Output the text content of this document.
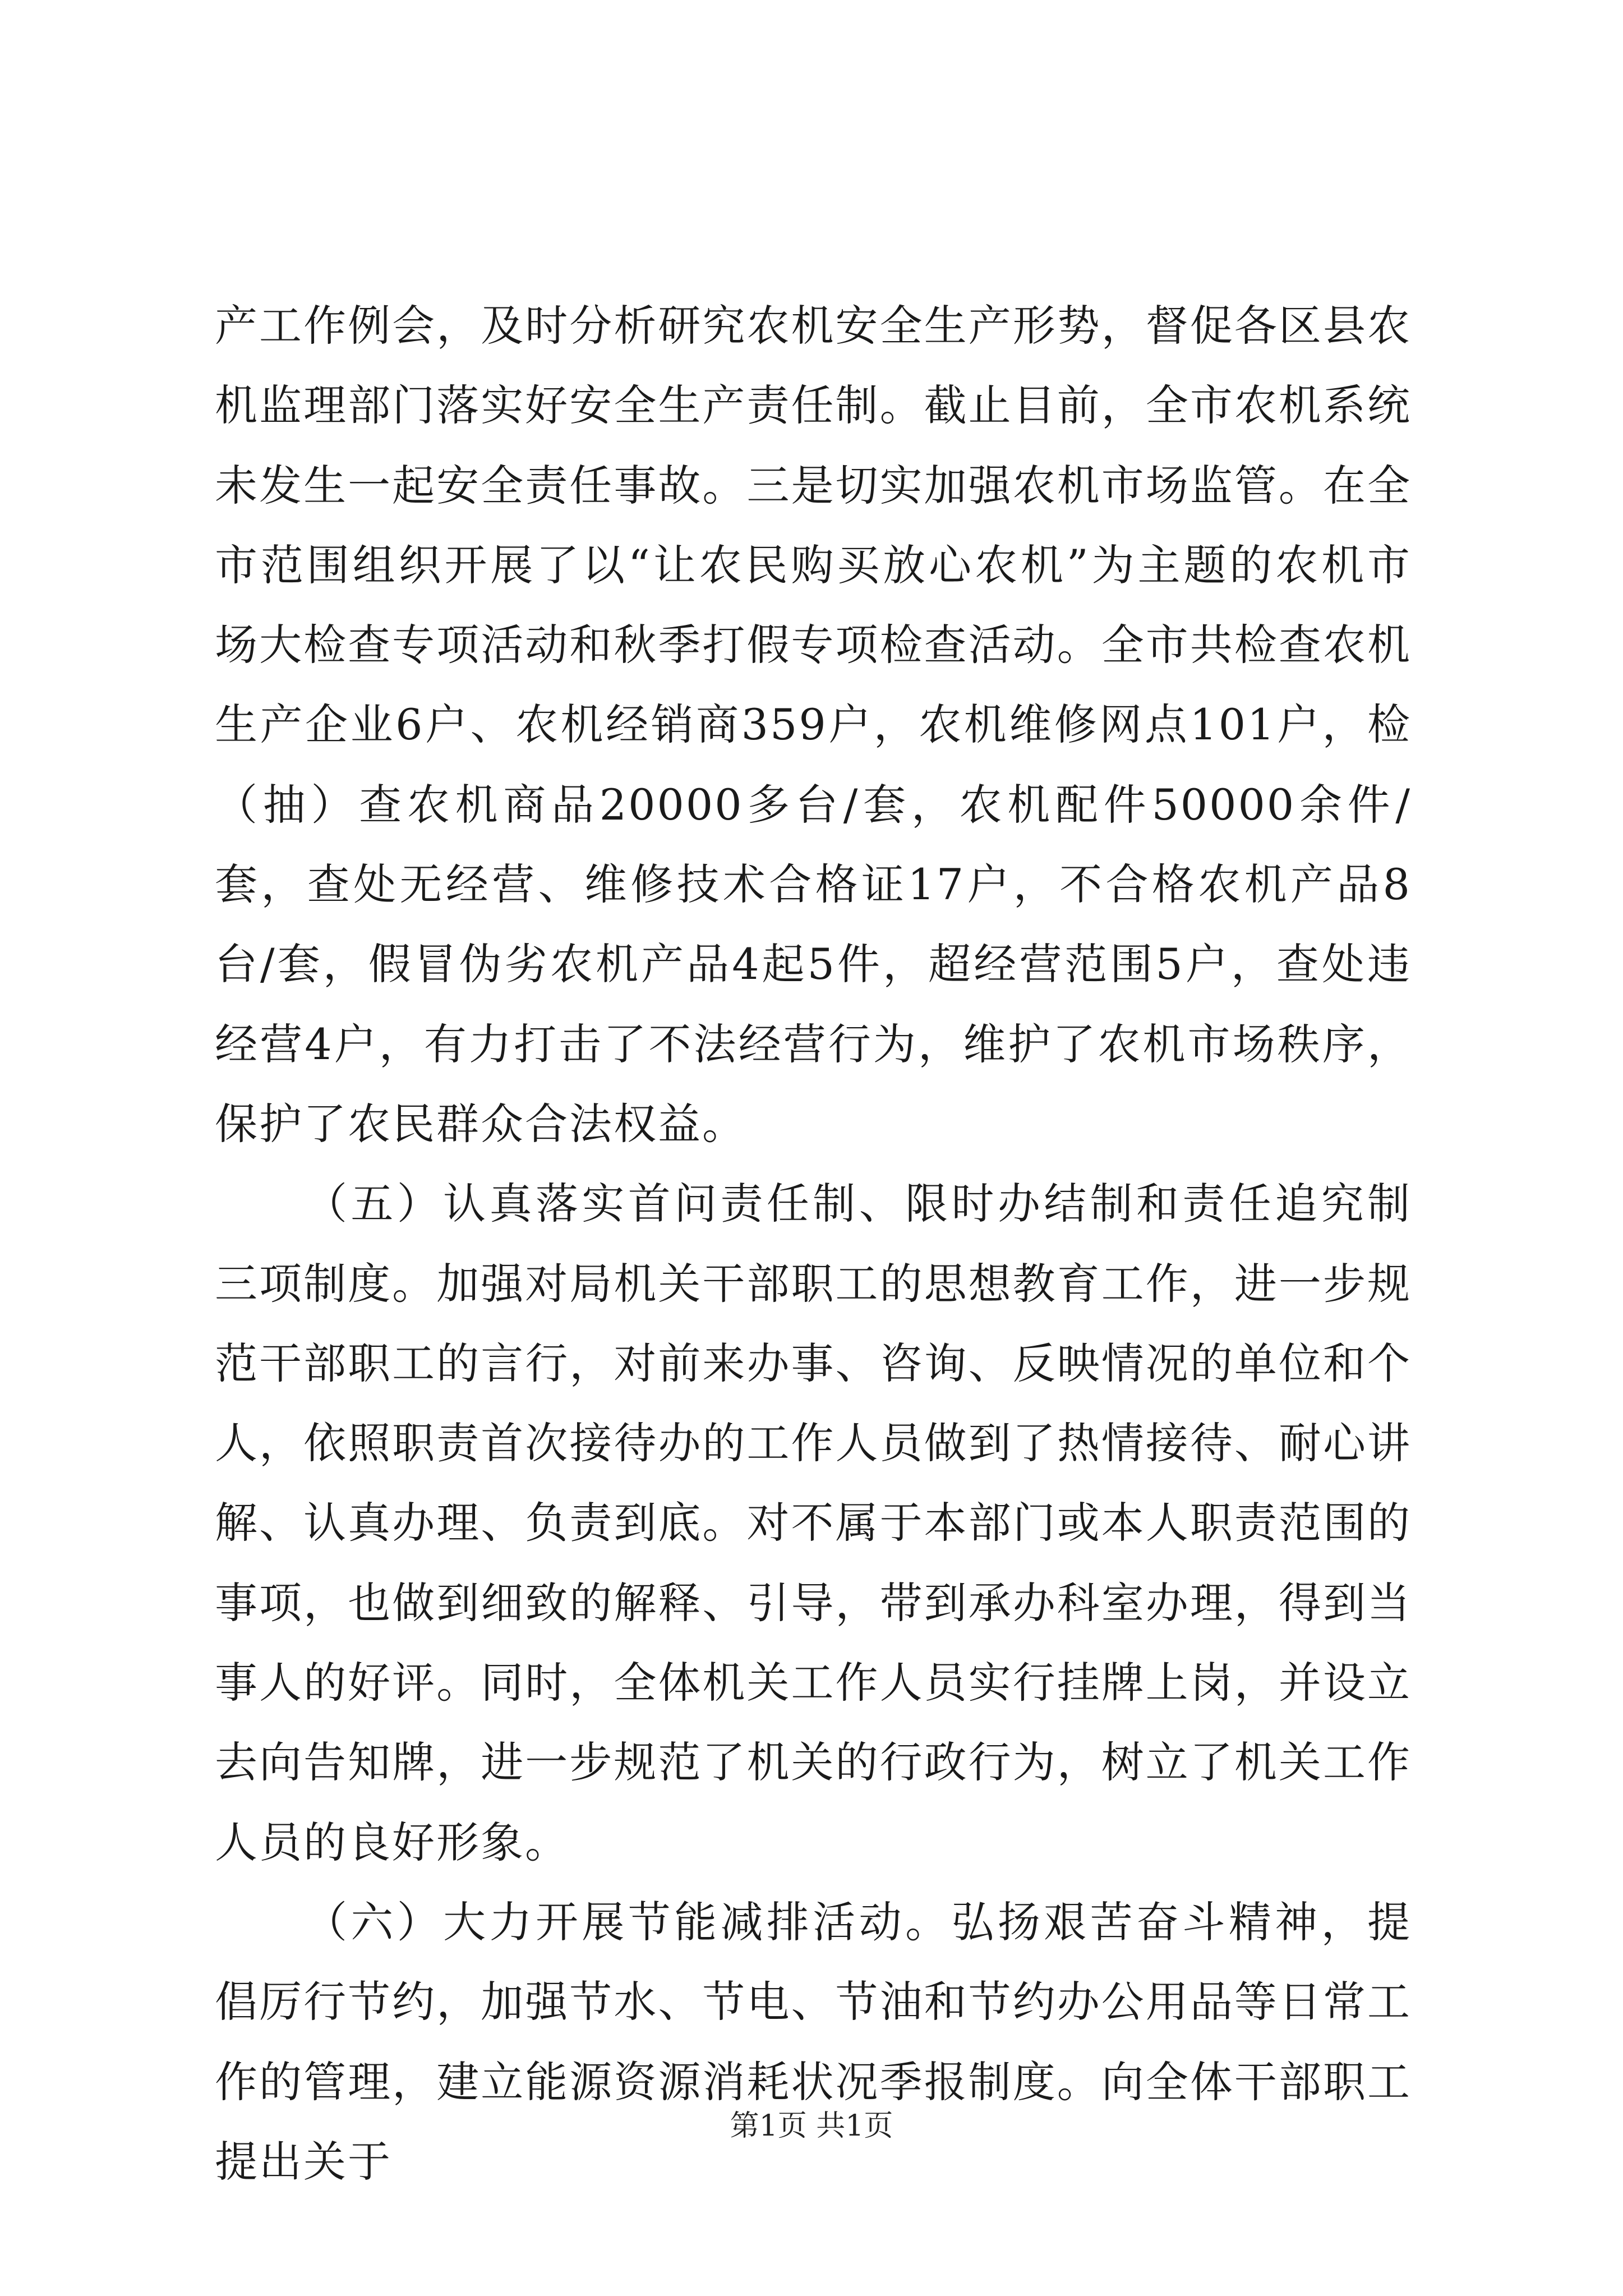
产工作例会，及时分析研究农机安全生产形势，督促各区县农机监理部门落实好安全生产责任制。截止目前，全市农机系统未发生一起安全责任事故。三是切实加强农机市场监管。在全市范围组织开展了以“让农民购买放心农机”为主题的农机市场大检查专项活动和秋季打假专项检查活动。全市共检查农机生产企业6户、农机经销商359户，农机维修网点101户，检（抽）查农机商品20000多台/套，农机配件50000余件/套，查处无经营、维修技术合格证17户，不合格农机产品8台/套，假冒伪劣农机产品4起5件，超经营范围5户，查处违经营4户，有力打击了不法经营行为，维护了农机市场秩序，保护了农民群众合法权益。

（五）认真落实首问责任制、限时办结制和责任追究制三项制度。加强对局机关干部职工的思想教育工作，进一步规范干部职工的言行，对前来办事、咨询、反映情况的单位和个人，依照职责首次接待办的工作人员做到了热情接待、耐心讲解、认真办理、负责到底。对不属于本部门或本人职责范围的事项，也做到细致的解释、引导，带到承办科室办理，得到当事人的好评。同时，全体机关工作人员实行挂牌上岗，并设立去向告知牌，进一步规范了机关的行政行为，树立了机关工作人员的良好形象。

（六）大力开展节能减排活动。弘扬艰苦奋斗精神，提倡厉行节约，加强节水、节电、节油和节约办公用品等日常工作的管理，建立能源资源消耗状况季报制度。向全体干部职工提出关于

第1页 共1页
